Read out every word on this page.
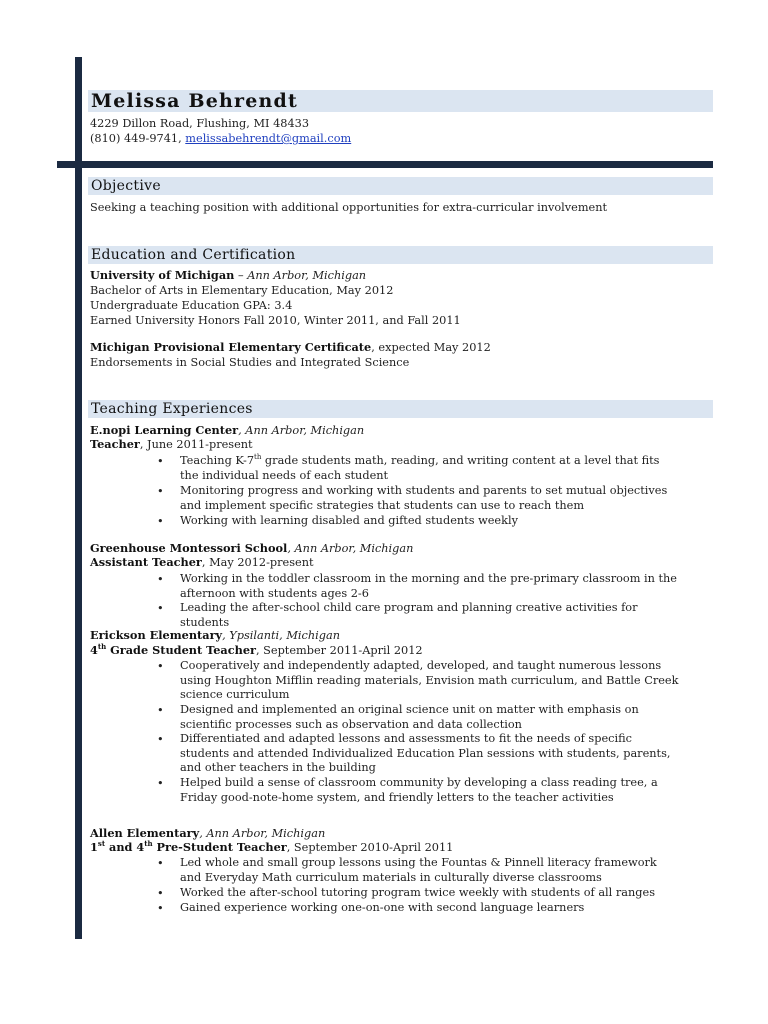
Melissa Behrendt
4229 Dillon Road, Flushing, MI 48433
(810) 449-9741, melissabehrendt@gmail.com
Objective
Seeking a teaching position with additional opportunities for extra-curricular involvement
Education and Certification
University of Michigan – Ann Arbor, Michigan
Bachelor of Arts in Elementary Education, May 2012
Undergraduate Education GPA: 3.4
Earned University Honors Fall 2010, Winter 2011, and Fall 2011
Michigan Provisional Elementary Certificate, expected May 2012
Endorsements in Social Studies and Integrated Science
Teaching Experiences
E.nopi Learning Center, Ann Arbor, Michigan
Teacher, June 2011-present
• Teaching K-7th grade students math, reading, and writing content at a level that fits the individual needs of each student
• Monitoring progress and working with students and parents to set mutual objectives and implement specific strategies that students can use to reach them
• Working with learning disabled and gifted students weekly
Greenhouse Montessori School, Ann Arbor, Michigan
Assistant Teacher, May 2012-present
• Working in the toddler classroom in the morning and the pre-primary classroom in the afternoon with students ages 2-6
• Leading the after-school child care program and planning creative activities for students
Erickson Elementary, Ypsilanti, Michigan
4th Grade Student Teacher, September 2011-April 2012
• Cooperatively and independently adapted, developed, and taught numerous lessons using Houghton Mifflin reading materials, Envision math curriculum, and Battle Creek science curriculum
• Designed and implemented an original science unit on matter with emphasis on scientific processes such as observation and data collection
• Differentiated and adapted lessons and assessments to fit the needs of specific students and attended Individualized Education Plan sessions with students, parents, and other teachers in the building
• Helped build a sense of classroom community by developing a class reading tree, a Friday good-note-home system, and friendly letters to the teacher activities
Allen Elementary, Ann Arbor, Michigan
1st and 4th Pre-Student Teacher, September 2010-April 2011
• Led whole and small group lessons using the Fountas & Pinnell literacy framework and Everyday Math curriculum materials in culturally diverse classrooms
• Worked the after-school tutoring program twice weekly with students of all ranges
• Gained experience working one-on-one with second language learners
